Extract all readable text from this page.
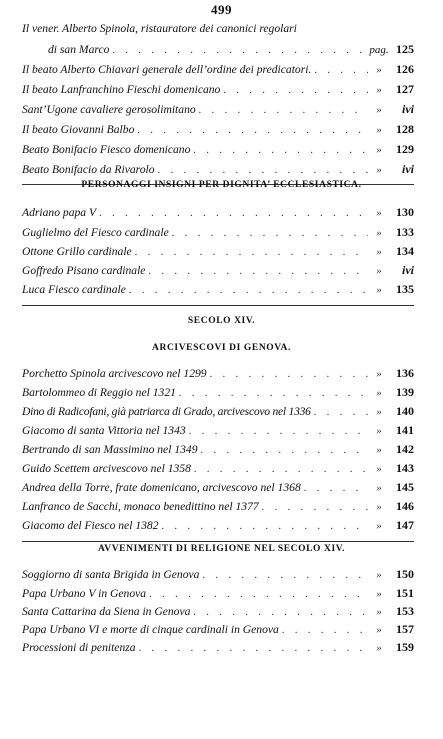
499
Il vener. Alberto Spinola, ristauratore dei canonici regolari
di san Marco . . .	pag. 125
Il beato Alberto Chiavari generale dell’ordine dei predicatori. . . .	»	126
Il beato Lanfranchino Fieschi domenicano . . .	»	127
Sant’Ugone cavaliere gerosolimitano . . .	»	ivi
Il beato Giovanni Balbo . . .	»	128
Beato Bonifacio Fiesco domenicano . . .	»	129
Beato Bonifacio da Rivarolo . . .	»	ivi
PERSONAGGI INSIGNI PER DIGNITA’ ECCLESIASTICA.
Adriano papa V . . .	»	130
Guglielmo del Fiesco cardinale . . .	»	133
Ottone Grillo cardinale . . .	»	134
Goffredo Pisano cardinale . . .	»	ivi
Luca Fiesco cardinale . . .	»	135
SECOLO XIV.
ARCIVESCOVI DI GENOVA.
Porchetto Spinola arcivescovo nel 1299 . . .	»	136
Bartolommeo di Reggio nel 1321 . . .	»	139
Dino di Radicofani, già patriarca di Grado, arcivescovo nel 1336 . . .	»	140
Giacomo di santa Vittoria nel 1343 . . .	»	141
Bertrando di san Massimino nel 1349 . . .	»	142
Guido Scettem arcivescovo nel 1358 . . .	»	143
Andrea della Torre, frate domenicano, arcivescovo nel 1368 . . .	»	145
Lanfranco de Sacchi, monaco benedittino nel 1377 . . .	»	146
Giacomo del Fiesco nel 1382 . . .	»	147
AVVENIMENTI DI RELIGIONE NEL SECOLO XIV.
Soggiorno di santa Brigida in Genova . . .	»	150
Papa Urbano V in Genova . . .	»	151
Santa Cattarina da Siena in Genova . . .	»	153
Papa Urbano VI e morte di cinque cardinali in Genova . . .	»	157
Processioni di penitenza . . .	»	159
